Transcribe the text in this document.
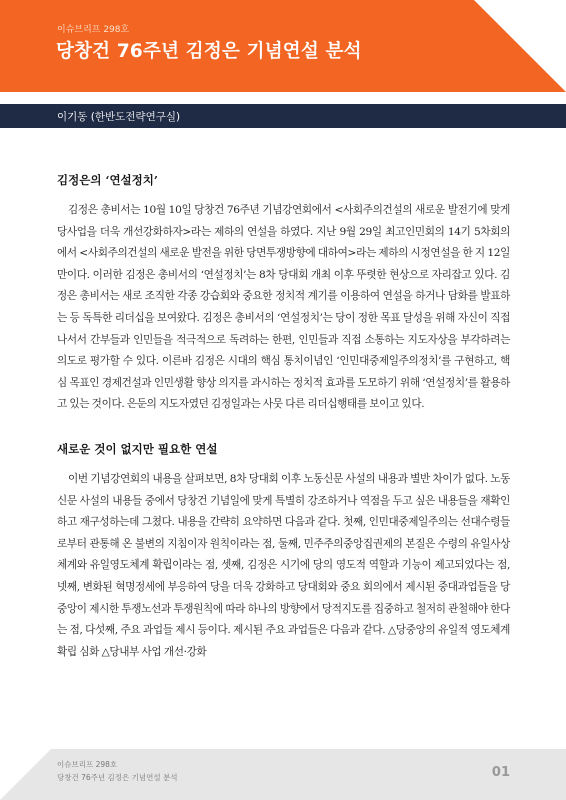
이슈브리프 298호
당창건 76주년 김정은 기념연설 분석
이기동 (한반도전략연구실)
김정은의 ‘연설정치’

김정은 총비서는 10월 10일 당창건 76주년 기념강연회에서 <사회주의건설의 새로운 발전기에 맞게 당사업을 더욱 개선강화하자>라는 제하의 연설을 하였다. 지난 9월 29일 최고인민회의 14기 5차회의에서 <사회주의건설의 새로운 발전을 위한 당면투쟁방향에 대하여>라는 제하의 시정연설을 한 지 12일 만이다. 이러한 김정은 총비서의 ‘연설정치’는 8차 당대회 개최 이후 뚜렷한 현상으로 자리잡고 있다. 김정은 총비서는 새로 조직한 각종 강습회와 중요한 정치적 계기를 이용하여 연설을 하거나 담화를 발표하는 등 독특한 리더십을 보여왔다. 김정은 총비서의 ‘연설정치’는 당이 정한 목표 달성을 위해 자신이 직접 나서서 간부들과 인민들을 적극적으로 독려하는 한편, 인민들과 직접 소통하는 지도자상을 부각하려는 의도로 평가할 수 있다. 이른바 김정은 시대의 핵심 통치이념인 ‘인민대중제일주의정치’를 구현하고, 핵심 목표인 경제건설과 인민생활 향상 의지를 과시하는 정치적 효과를 도모하기 위해 ‘연설정치’를 활용하고 있는 것이다. 은둔의 지도자였던 김정일과는 사뭇 다른 리더십행태를 보이고 있다.

새로운 것이 없지만 필요한 연설

이번 기념강연회의 내용을 살펴보면, 8차 당대회 이후 노동신문 사설의 내용과 별반 차이가 없다. 노동신문 사설의 내용들 중에서 당창건 기념일에 맞게 특별히 강조하거나 역점을 두고 싶은 내용들을 재확인하고 재구성하는데 그쳤다. 내용을 간략히 요약하면 다음과 같다. 첫째, 인민대중제일주의는 선대수령들로부터 관통해 온 불변의 지침이자 원칙이라는 점, 둘째, 민주주의중앙집권제의 본질은 수령의 유일사상체계와 유일영도체계 확립이라는 점, 셋째, 김정은 시기에 당의 영도적 역할과 기능이 제고되었다는 점, 넷째, 변화된 혁명정세에 부응하여 당을 더욱 강화하고 당대회와 중요 회의에서 제시된 중대과업들을 당중앙이 제시한 투쟁노선과 투쟁원칙에 따라 하나의 방향에서 당적지도를 집중하고 철저히 관철해야 한다는 점, 다섯째, 주요 과업들 제시 등이다. 제시된 주요 과업들은 다음과 같다. △당중앙의 유일적 영도체계 확립 심화 △당내부 사업 개선·강화

이슈브리프 298호
당창건 76주년 김정은 기념연설 분석	01
